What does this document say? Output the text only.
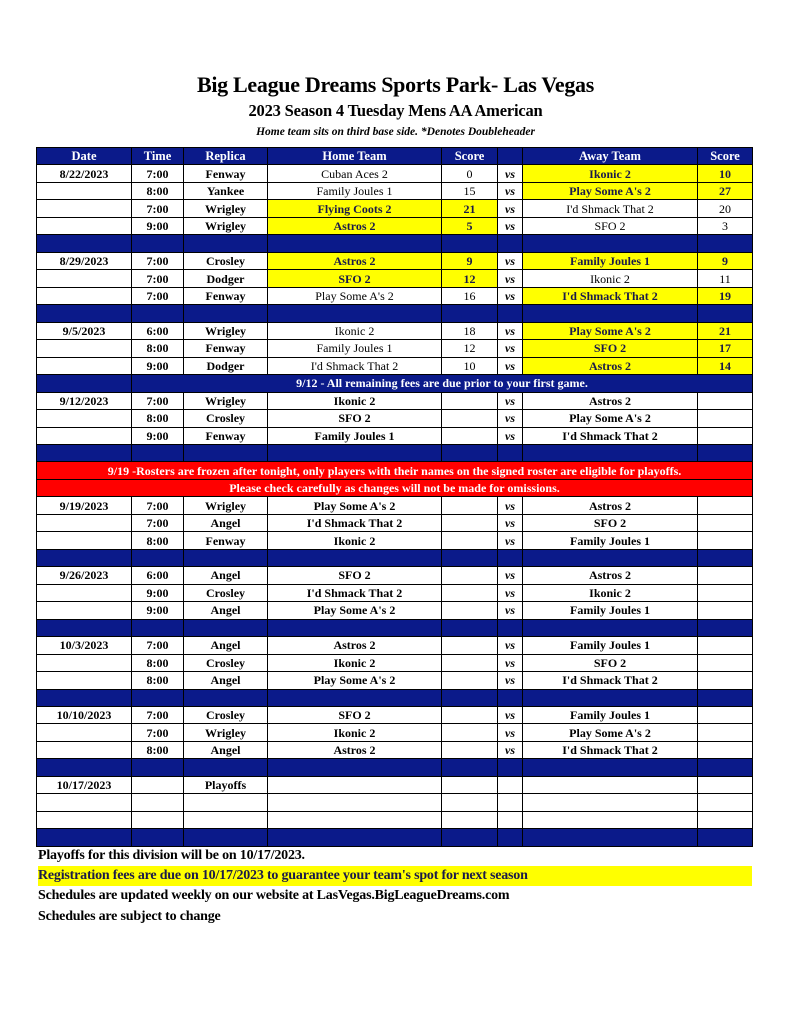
Big League Dreams Sports Park- Las Vegas
2023 Season 4 Tuesday Mens AA American
Home team sits on third base side. *Denotes Doubleheader
Date	Time	Replica	Home Team	Score		Away Team	Score
8/22/2023	7:00	Fenway	Cuban Aces 2	0	vs	Ikonic 2	10
	8:00	Yankee	Family Joules 1	15	vs	Play Some A's 2	27
	7:00	Wrigley	Flying Coots 2	21	vs	I'd Shmack That 2	20
	9:00	Wrigley	Astros 2	5	vs	SFO 2	3

8/29/2023	7:00	Crosley	Astros 2	9	vs	Family Joules 1	9
	7:00	Dodger	SFO 2	12	vs	Ikonic 2	11
	7:00	Fenway	Play Some A's 2	16	vs	I'd Shmack That 2	19

9/5/2023	6:00	Wrigley	Ikonic 2	18	vs	Play Some A's 2	21
	8:00	Fenway	Family Joules 1	12	vs	SFO 2	17
	9:00	Dodger	I'd Shmack That 2	10	vs	Astros 2	14
	9/12 - All remaining fees are due prior to your first game.						
9/12/2023	7:00	Wrigley	Ikonic 2		vs	Astros 2	
	8:00	Crosley	SFO 2		vs	Play Some A's 2	
	9:00	Fenway	Family Joules 1		vs	I'd Shmack That 2	

9/19 -Rosters are frozen after tonight, only players with their names on the signed roster are eligible for playoffs.							
Please check carefully as changes will not be made for omissions.							
9/19/2023	7:00	Wrigley	Play Some A's 2		vs	Astros 2	
	7:00	Angel	I'd Shmack That 2		vs	SFO 2	
	8:00	Fenway	Ikonic 2		vs	Family Joules 1	

9/26/2023	6:00	Angel	SFO 2		vs	Astros 2	
	9:00	Crosley	I'd Shmack That 2		vs	Ikonic 2	
	9:00	Angel	Play Some A's 2		vs	Family Joules 1	

10/3/2023	7:00	Angel	Astros 2		vs	Family Joules 1	
	8:00	Crosley	Ikonic 2		vs	SFO 2	
	8:00	Angel	Play Some A's 2		vs	I'd Shmack That 2	

10/10/2023	7:00	Crosley	SFO 2		vs	Family Joules 1	
	7:00	Wrigley	Ikonic 2		vs	Play Some A's 2	
	8:00	Angel	Astros 2		vs	I'd Shmack That 2	

10/17/2023		Playoffs					

Playoffs for this division will be on 10/17/2023.
Registration fees are due on 10/17/2023 to guarantee your team's spot for next season
Schedules are updated weekly on our website at LasVegas.BigLeagueDreams.com
Schedules are subject to change
